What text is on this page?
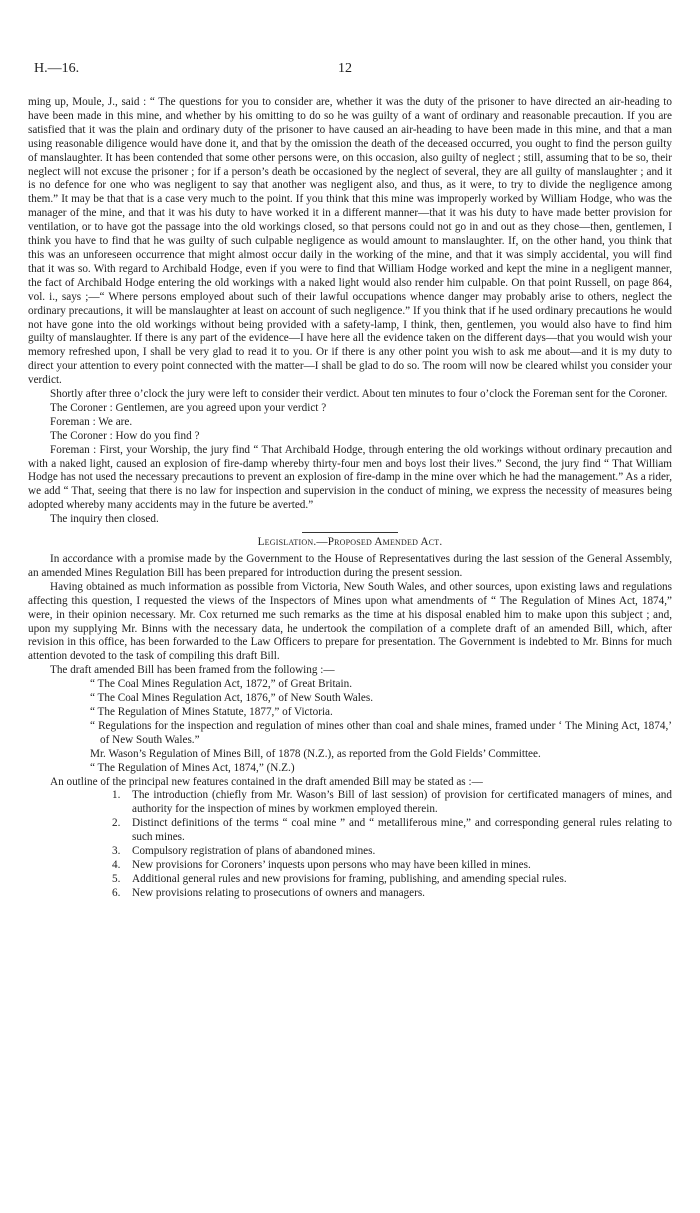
H.—16.	12

ming up, Moule, J., said : “ The questions for you to consider are, whether it was the duty of the prisoner to have directed an air-heading to have been made in this mine, and whether by his omitting to do so he was guilty of a want of ordinary and reasonable precaution. If you are satisfied that it was the plain and ordinary duty of the prisoner to have caused an air-heading to have been made in this mine, and that a man using reasonable diligence would have done it, and that by the omission the death of the deceased occurred, you ought to find the person guilty of manslaughter. It has been contended that some other persons were, on this occasion, also guilty of neglect ; still, assuming that to be so, their neglect will not excuse the prisoner ; for if a person’s death be occasioned by the neglect of several, they are all guilty of manslaughter ; and it is no defence for one who was negligent to say that another was negligent also, and thus, as it were, to try to divide the negligence among them.” It may be that that is a case very much to the point. If you think that this mine was improperly worked by William Hodge, who was the manager of the mine, and that it was his duty to have worked it in a different manner—that it was his duty to have made better provision for ventilation, or to have got the passage into the old workings closed, so that persons could not go in and out as they chose—then, gentlemen, I think you have to find that he was guilty of such culpable negligence as would amount to manslaughter. If, on the other hand, you think that this was an unforeseen occurrence that might almost occur daily in the working of the mine, and that it was simply accidental, you will find that it was so. With regard to Archibald Hodge, even if you were to find that William Hodge worked and kept the mine in a negligent manner, the fact of Archibald Hodge entering the old workings with a naked light would also render him culpable. On that point Russell, on page 864, vol. i., says ;—“ Where persons employed about such of their lawful occupations whence danger may probably arise to others, neglect the ordinary precautions, it will be manslaughter at least on account of such negligence.” If you think that if he used ordinary precautions he would not have gone into the old workings without being provided with a safety-lamp, I think, then, gentlemen, you would also have to find him guilty of manslaughter. If there is any part of the evidence—I have here all the evidence taken on the different days—that you would wish your memory refreshed upon, I shall be very glad to read it to you. Or if there is any other point you wish to ask me about—and it is my duty to direct your attention to every point connected with the matter—I shall be glad to do so. The room will now be cleared whilst you consider your verdict.

Shortly after three o’clock the jury were left to consider their verdict. About ten minutes to four o’clock the Foreman sent for the Coroner.

The Coroner : Gentlemen, are you agreed upon your verdict ?

Foreman : We are.

The Coroner : How do you find ?

Foreman : First, your Worship, the jury find “ That Archibald Hodge, through entering the old workings without ordinary precaution and with a naked light, caused an explosion of fire-damp whereby thirty-four men and boys lost their lives.” Second, the jury find “ That William Hodge has not used the necessary precautions to prevent an explosion of fire-damp in the mine over which he had the management.” As a rider, we add “ That, seeing that there is no law for inspection and supervision in the conduct of mining, we express the necessity of measures being adopted whereby many accidents may in the future be averted.”

The inquiry then closed.

Legislation.—Proposed Amended Act.

In accordance with a promise made by the Government to the House of Representatives during the last session of the General Assembly, an amended Mines Regulation Bill has been prepared for introduction during the present session.

Having obtained as much information as possible from Victoria, New South Wales, and other sources, upon existing laws and regulations affecting this question, I requested the views of the Inspectors of Mines upon what amendments of “ The Regulation of Mines Act, 1874,” were, in their opinion necessary. Mr. Cox returned me such remarks as the time at his disposal enabled him to make upon this subject ; and, upon my supplying Mr. Binns with the necessary data, he undertook the compilation of a complete draft of an amended Bill, which, after revision in this office, has been forwarded to the Law Officers to prepare for presentation. The Government is indebted to Mr. Binns for much attention devoted to the task of compiling this draft Bill.

The draft amended Bill has been framed from the following :—

“ The Coal Mines Regulation Act, 1872,” of Great Britain.

“ The Coal Mines Regulation Act, 1876,” of New South Wales.

“ The Regulation of Mines Statute, 1877,” of Victoria.

“ Regulations for the inspection and regulation of mines other than coal and shale mines, framed under ‘ The Mining Act, 1874,’ of New South Wales.”

Mr. Wason’s Regulation of Mines Bill, of 1878 (N.Z.), as reported from the Gold Fields’ Committee.

“ The Regulation of Mines Act, 1874,” (N.Z.)

An outline of the principal new features contained in the draft amended Bill may be stated as :—

1. The introduction (chiefly from Mr. Wason’s Bill of last session) of provision for certificated managers of mines, and authority for the inspection of mines by workmen employed therein.

2. Distinct definitions of the terms “ coal mine ” and “ metalliferous mine,” and corresponding general rules relating to such mines.

3. Compulsory registration of plans of abandoned mines.

4. New provisions for Coroners’ inquests upon persons who may have been killed in mines.

5. Additional general rules and new provisions for framing, publishing, and amending special rules.

6. New provisions relating to prosecutions of owners and managers.
